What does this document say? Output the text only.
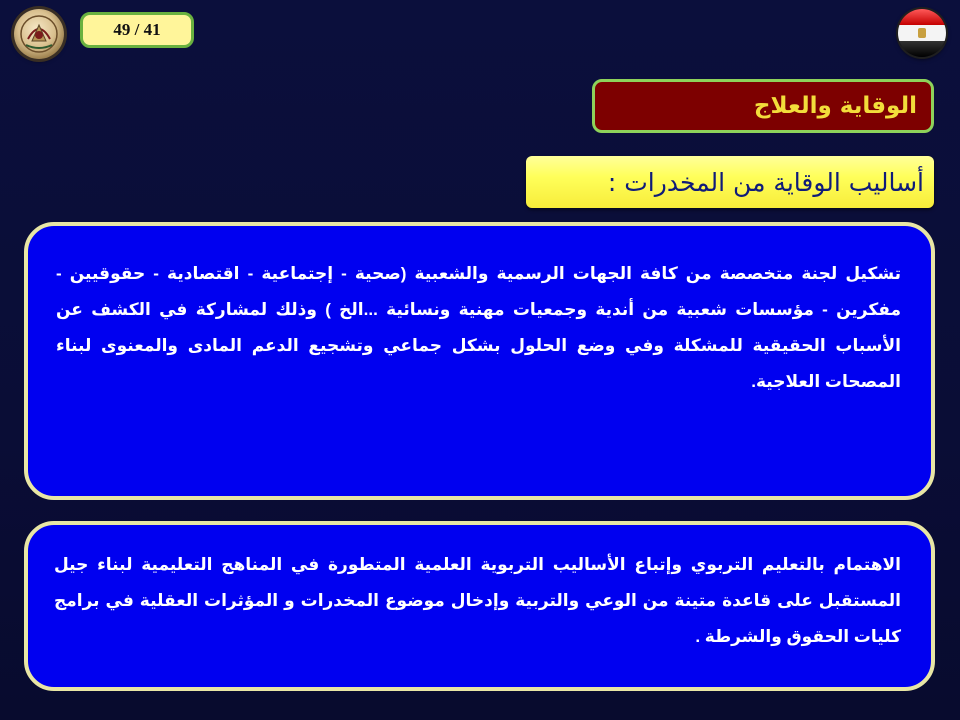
49 / 41
الوقاية والعلاج
أساليب الوقاية من المخدرات :

تشكيل لجنة متخصصة من كافة الجهات الرسمية والشعبية (صحية - إجتماعية - اقتصادية - حقوقيين - مفكرين - مؤسسات شعبية من أندية وجمعيات مهنية ونسائية ...الخ ) وذلك لمشاركة في الكشف عن الأسباب الحقيقية للمشكلة وفي وضع الحلول بشكل جماعي وتشجيع الدعم المادى والمعنوى لبناء المصحات العلاجية.

الاهتمام بالتعليم التربوي وإتباع الأساليب التربوية العلمية المتطورة في المناهج التعليمية لبناء جيل المستقبل على قاعدة متينة من الوعي والتربية وإدخال موضوع المخدرات و المؤثرات العقلية في برامج كليات الحقوق والشرطة .
